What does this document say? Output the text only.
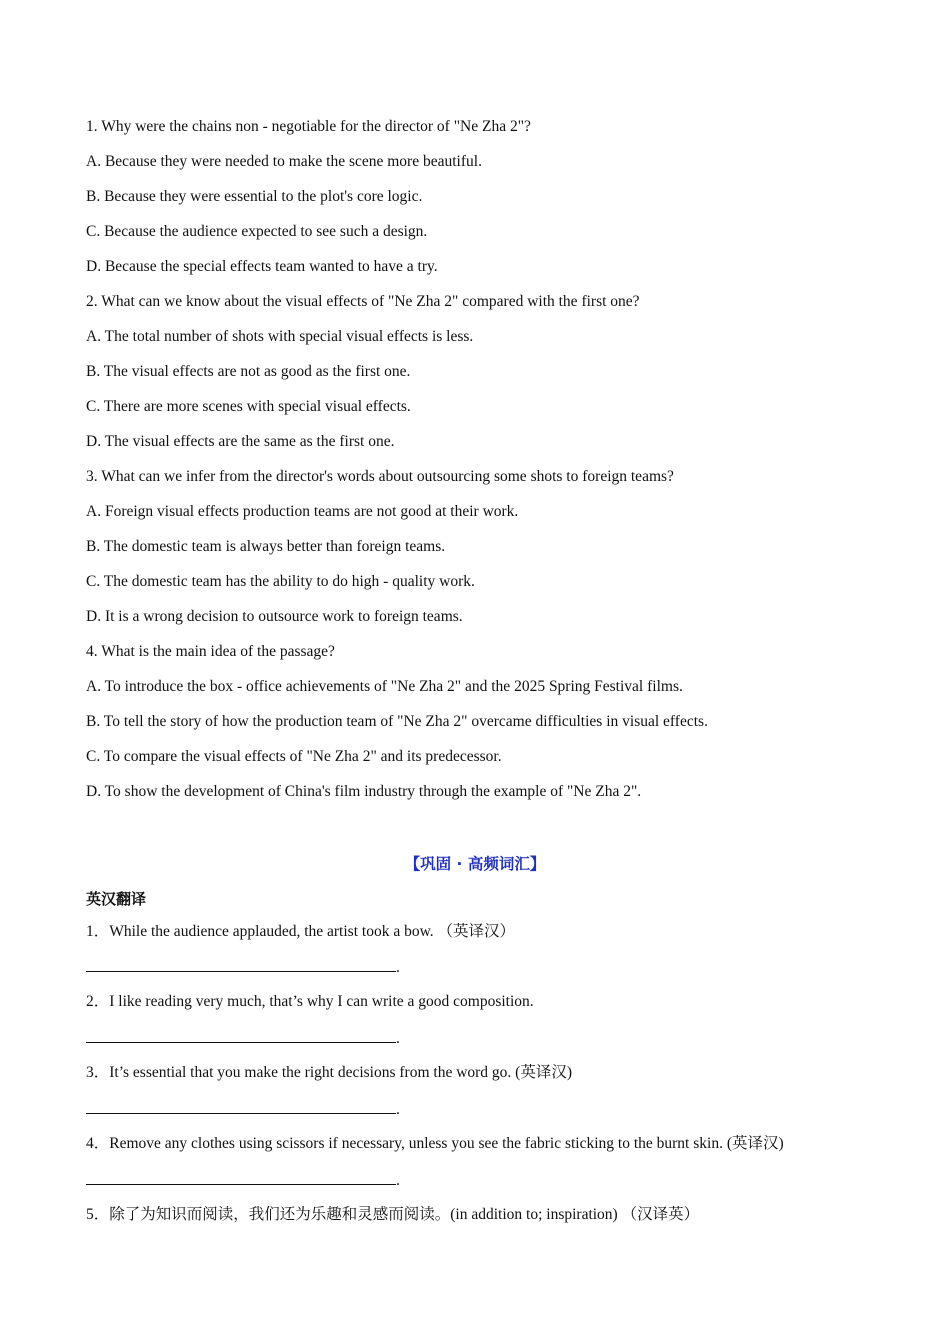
1. Why were the chains non - negotiable for the director of "Ne Zha 2"?
A. Because they were needed to make the scene more beautiful.
B. Because they were essential to the plot's core logic.
C. Because the audience expected to see such a design.
D. Because the special effects team wanted to have a try.
2. What can we know about the visual effects of "Ne Zha 2" compared with the first one?
A. The total number of shots with special visual effects is less.
B. The visual effects are not as good as the first one.
C. There are more scenes with special visual effects.
D. The visual effects are the same as the first one.
3. What can we infer from the director's words about outsourcing some shots to foreign teams?
A. Foreign visual effects production teams are not good at their work.
B. The domestic team is always better than foreign teams.
C. The domestic team has the ability to do high - quality work.
D. It is a wrong decision to outsource work to foreign teams.
4. What is the main idea of the passage?
A. To introduce the box - office achievements of "Ne Zha 2" and the 2025 Spring Festival films.
B. To tell the story of how the production team of "Ne Zha 2" overcame difficulties in visual effects.
C. To compare the visual effects of "Ne Zha 2" and its predecessor.
D. To show the development of China's film industry through the example of "Ne Zha 2".
【巩固 · 高频词汇】
英汉翻译
1．While the audience applauded, the artist took a bow. （英译汉）
.
2．I like reading very much, that’s why I can write a good composition.
.
3．It’s essential that you make the right decisions from the word go. (英译汉)
.
4．Remove any clothes using scissors if necessary, unless you see the fabric sticking to the burnt skin. (英译汉)
.
5．除了为知识而阅读，我们还为乐趣和灵感而阅读。(in addition to; inspiration) （汉译英）
